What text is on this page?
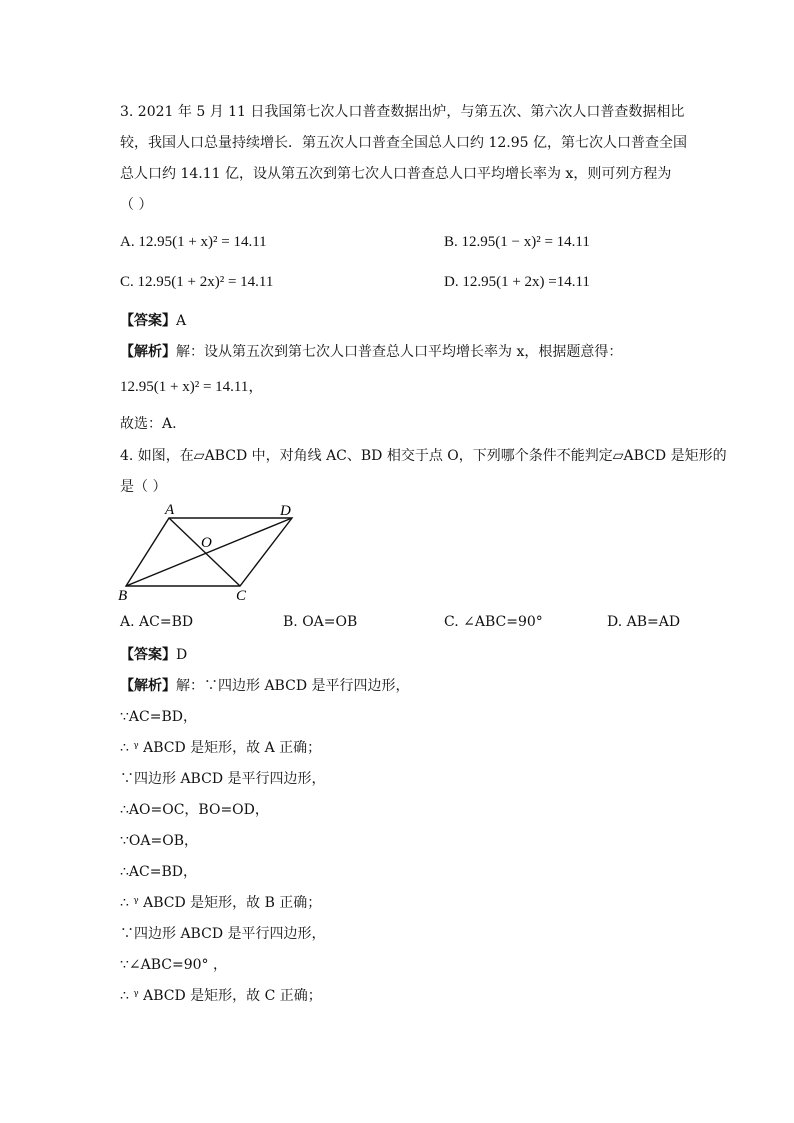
3. 2021 年 5 月 11 日我国第七次人口普查数据出炉，与第五次、第六次人口普查数据相比
较，我国人口总量持续增长．第五次人口普查全国总人口约 12.95 亿，第七次人口普查全国
总人口约 14.11 亿，设从第五次到第七次人口普查总人口平均增长率为 x，则可列方程为
（ ）
A. 12.95(1 + x)² = 14.11	B. 12.95(1 − x)² = 14.11
C. 12.95(1 + 2x)² = 14.11	D. 12.95(1 + 2x) =14.11
【答案】A
【解析】解：设从第五次到第七次人口普查总人口平均增长率为 x，根据题意得：
12.95(1 + x)² = 14.11，
故选：A.
4. 如图，在▱ABCD 中，对角线 AC、BD 相交于点 O，下列哪个条件不能判定▱ABCD 是矩形的
是（ ）
A	D
O
B	C
A. AC=BD	B. OA=OB	C. ∠ABC=90°	D. AB=AD
【答案】D
【解析】解：∵四边形 ABCD 是平行四边形，
∵AC=BD，
∴ ᵞ ABCD 是矩形，故 A 正确；
∵四边形 ABCD 是平行四边形，
∴AO=OC，BO=OD，
∵OA=OB，
∴AC=BD，
∴ ᵞ ABCD 是矩形，故 B 正确；
∵四边形 ABCD 是平行四边形，
∵∠ABC=90° ，
∴ ᵞ ABCD 是矩形，故 C 正确；
